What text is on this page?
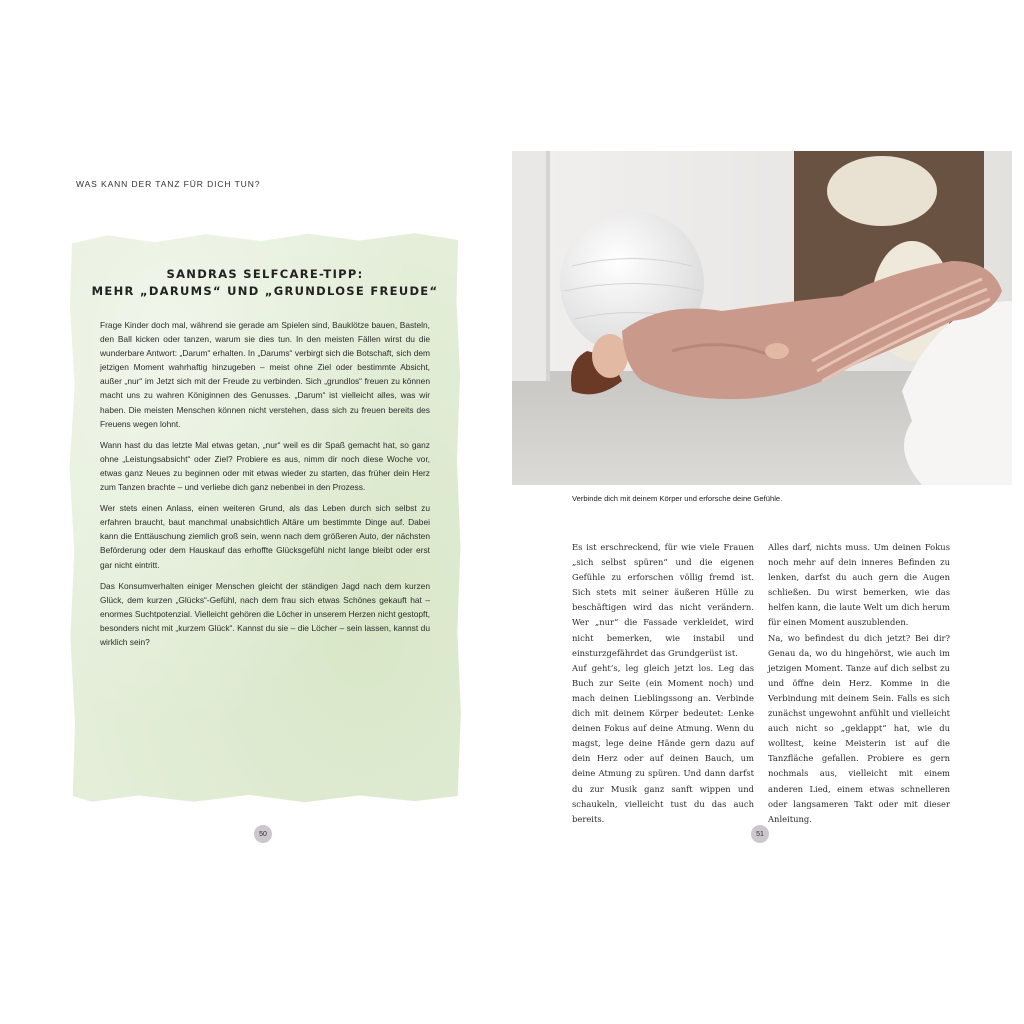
WAS KANN DER TANZ FÜR DICH TUN?
SANDRAS SELFCARE-TIPP:
MEHR „DARUMS“ UND „GRUNDLOSE FREUDE“

Frage Kinder doch mal, während sie gerade am Spielen sind, Bauklötze bauen, Basteln, den Ball kicken oder tanzen, warum sie dies tun. In den meisten Fällen wirst du die wunderbare Antwort: „Darum“ erhalten. In „Darums“ verbirgt sich die Botschaft, sich dem jetzigen Moment wahrhaftig hinzugeben – meist ohne Ziel oder bestimmte Absicht, außer „nur“ im Jetzt sich mit der Freude zu verbinden. Sich „grundlos“ freuen zu können macht uns zu wahren Königinnen des Genusses. „Darum“ ist vielleicht alles, was wir haben. Die meisten Menschen können nicht verstehen, dass sich zu freuen bereits des Freuens wegen lohnt.

Wann hast du das letzte Mal etwas getan, „nur“ weil es dir Spaß gemacht hat, so ganz ohne „Leistungsabsicht“ oder Ziel? Probiere es aus, nimm dir noch diese Woche vor, etwas ganz Neues zu beginnen oder mit etwas wieder zu starten, das früher dein Herz zum Tanzen brachte – und verliebe dich ganz nebenbei in den Prozess.

Wer stets einen Anlass, einen weiteren Grund, als das Leben durch sich selbst zu erfahren braucht, baut manchmal unabsichtlich Altäre um bestimmte Dinge auf. Dabei kann die Enttäuschung ziemlich groß sein, wenn nach dem größeren Auto, der nächsten Beförderung oder dem Hauskauf das erhoffte Glücksgefühl nicht lange bleibt oder erst gar nicht eintritt.

Das Konsumverhalten einiger Menschen gleicht der ständigen Jagd nach dem kurzen Glück, dem kurzen „Glücks“-Gefühl, nach dem frau sich etwas Schönes gekauft hat – enormes Suchtpotenzial. Vielleicht gehören die Löcher in unserem Herzen nicht gestopft, besonders nicht mit „kurzem Glück“. Kannst du sie – die Löcher – sein lassen, kannst du wirklich sein?

Verbinde dich mit deinem Körper und erforsche deine Gefühle.

Es ist erschreckend, für wie viele Frauen „sich selbst spüren“ und die eigenen Gefühle zu erforschen völlig fremd ist. Sich stets mit seiner äußeren Hülle zu beschäftigen wird das nicht verändern. Wer „nur“ die Fassade verkleidet, wird nicht bemerken, wie instabil und einsturzgefährdet das Grundgerüst ist.

Auf geht’s, leg gleich jetzt los. Leg das Buch zur Seite (ein Moment noch) und mach deinen Lieblingssong an. Verbinde dich mit deinem Körper bedeutet: Lenke deinen Fokus auf deine Atmung. Wenn du magst, lege deine Hände gern dazu auf dein Herz oder auf deinen Bauch, um deine Atmung zu spüren. Und dann darfst du zur Musik ganz sanft wippen und schaukeln, vielleicht tust du das auch bereits.

Alles darf, nichts muss. Um deinen Fokus noch mehr auf dein inneres Befinden zu lenken, darfst du auch gern die Augen schließen. Du wirst bemerken, wie das helfen kann, die laute Welt um dich herum für einen Moment auszublenden.

Na, wo befindest du dich jetzt? Bei dir? Genau da, wo du hingehörst, wie auch im jetzigen Moment. Tanze auf dich selbst zu und öffne dein Herz. Komme in die Verbindung mit deinem Sein. Falls es sich zunächst ungewohnt anfühlt und vielleicht auch nicht so „geklappt“ hat, wie du wolltest, keine Meisterin ist auf die Tanzfläche gefallen. Probiere es gern nochmals aus, vielleicht mit einem anderen Lied, einem etwas schnelleren oder langsameren Takt oder mit dieser Anleitung.

50	51
